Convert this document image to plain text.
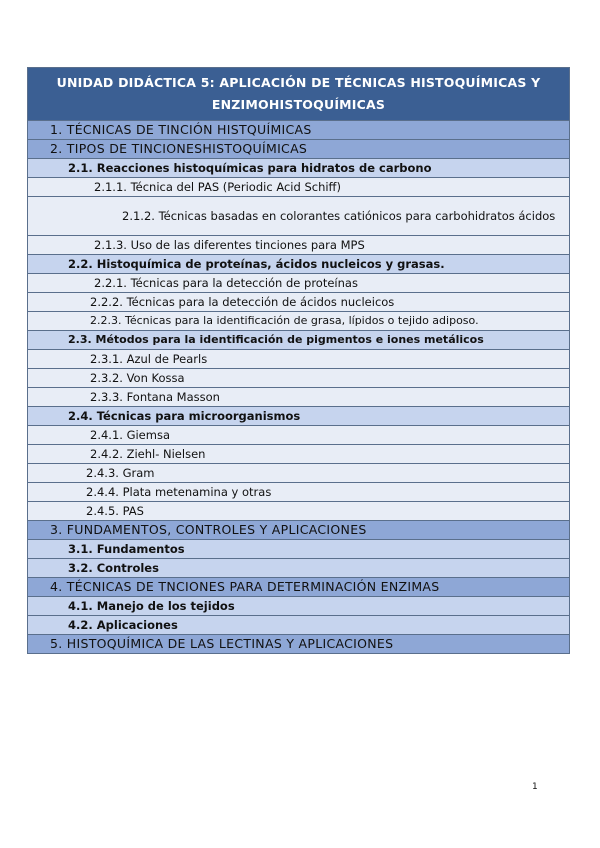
UNIDAD DIDÁCTICA 5: APLICACIÓN DE TÉCNICAS HISTOQUÍMICAS Y ENZIMOHISTOQUÍMICAS
1. TÉCNICAS DE TINCIÓN HISTQUÍMICAS
2. TIPOS DE TINCIONESHISTOQUÍMICAS
2.1. Reacciones histoquímicas para hidratos de carbono
2.1.1. Técnica del PAS (Periodic Acid Schiff)
2.1.2. Técnicas basadas en colorantes catiónicos para carbohidratos ácidos
2.1.3. Uso de las diferentes tinciones para MPS
2.2. Histoquímica de proteínas, ácidos nucleicos y grasas.
2.2.1. Técnicas para la detección de proteínas
2.2.2. Técnicas para la detección de ácidos nucleicos
2.2.3. Técnicas para la identificación de grasa, lípidos o tejido adiposo.
2.3. Métodos para la identificación de pigmentos e iones metálicos
2.3.1. Azul de Pearls
2.3.2. Von Kossa
2.3.3. Fontana Masson
2.4. Técnicas para microorganismos
2.4.1. Giemsa
2.4.2. Ziehl- Nielsen
2.4.3. Gram
2.4.4. Plata metenamina y otras
2.4.5. PAS
3. FUNDAMENTOS, CONTROLES Y APLICACIONES
3.1. Fundamentos
3.2. Controles
4. TÉCNICAS DE TNCIONES PARA DETERMINACIÓN ENZIMAS
4.1. Manejo de los tejidos
4.2. Aplicaciones
5. HISTOQUÍMICA DE LAS LECTINAS Y APLICACIONES
1
